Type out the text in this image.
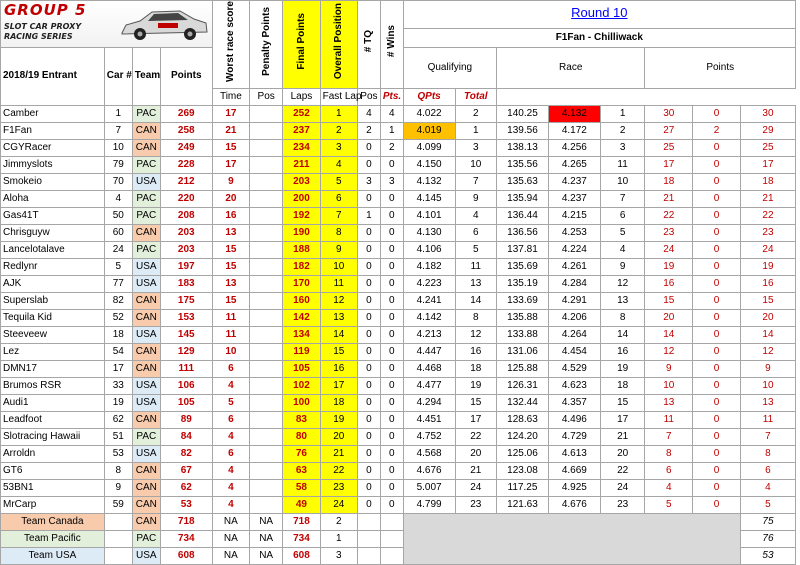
GROUP 5
SLOT CAR PROXY
RACING SERIES				Worst race score	Penalty Points	Final Points	Overall Position	# TQ	# Wins	Round 10							
										F1Fan - Chilliwack							
2018/19 Entrant	Car #	Team	Points							Qualifying		Race			Points		
				Time	Pos	Laps	Fast Lap	Pos	Pts.	QPts	Total						
Camber	1	PAC	269	17		252	1	4	4	4.022	2	140.25	4.132	1	30	0	30
F1Fan	7	CAN	258	21		237	2	2	1	4.019	1	139.56	4.172	2	27	2	29
CGYRacer	10	CAN	249	15		234	3	0	2	4.099	3	138.13	4.256	3	25	0	25
Jimmyslots	79	PAC	228	17		211	4	0	0	4.150	10	135.56	4.265	11	17	0	17
Smokeio	70	USA	212	9		203	5	3	3	4.132	7	135.63	4.237	10	18	0	18
Aloha	4	PAC	220	20		200	6	0	0	4.145	9	135.94	4.237	7	21	0	21
Gas41T	50	PAC	208	16		192	7	1	0	4.101	4	136.44	4.215	6	22	0	22
Chrisguyw	60	CAN	203	13		190	8	0	0	4.130	6	136.56	4.253	5	23	0	23
Lancelotalave	24	PAC	203	15		188	9	0	0	4.106	5	137.81	4.224	4	24	0	24
Redlynr	5	USA	197	15		182	10	0	0	4.182	11	135.69	4.261	9	19	0	19
AJK	77	USA	183	13		170	11	0	0	4.223	13	135.19	4.284	12	16	0	16
Superslab	82	CAN	175	15		160	12	0	0	4.241	14	133.69	4.291	13	15	0	15
Tequila Kid	52	CAN	153	11		142	13	0	0	4.142	8	135.88	4.206	8	20	0	20
Steeveew	18	USA	145	11		134	14	0	0	4.213	12	133.88	4.264	14	14	0	14
Lez	54	CAN	129	10		119	15	0	0	4.447	16	131.06	4.454	16	12	0	12
DMN17	17	CAN	111	6		105	16	0	0	4.468	18	125.88	4.529	19	9	0	9
Brumos RSR	33	USA	106	4		102	17	0	0	4.477	19	126.31	4.623	18	10	0	10
Audi1	19	USA	105	5		100	18	0	0	4.294	15	132.44	4.357	15	13	0	13
Leadfoot	62	CAN	89	6		83	19	0	0	4.451	17	128.63	4.496	17	11	0	11
Slotracing Hawaii	51	PAC	84	4		80	20	0	0	4.752	22	124.20	4.729	21	7	0	7
Arroldn	53	USA	82	6		76	21	0	0	4.568	20	125.06	4.613	20	8	0	8
GT6	8	CAN	67	4		63	22	0	0	4.676	21	123.08	4.669	22	6	0	6
53BN1	9	CAN	62	4		58	23	0	0	5.007	24	117.25	4.925	24	4	0	4
MrCarp	59	CAN	53	4		49	24	0	0	4.799	23	121.63	4.676	23	5	0	5
Team Canada		CAN	718	NA	NA	718	2										75
Team Pacific		PAC	734	NA	NA	734	1										76
Team USA		USA	608	NA	NA	608	3										53
